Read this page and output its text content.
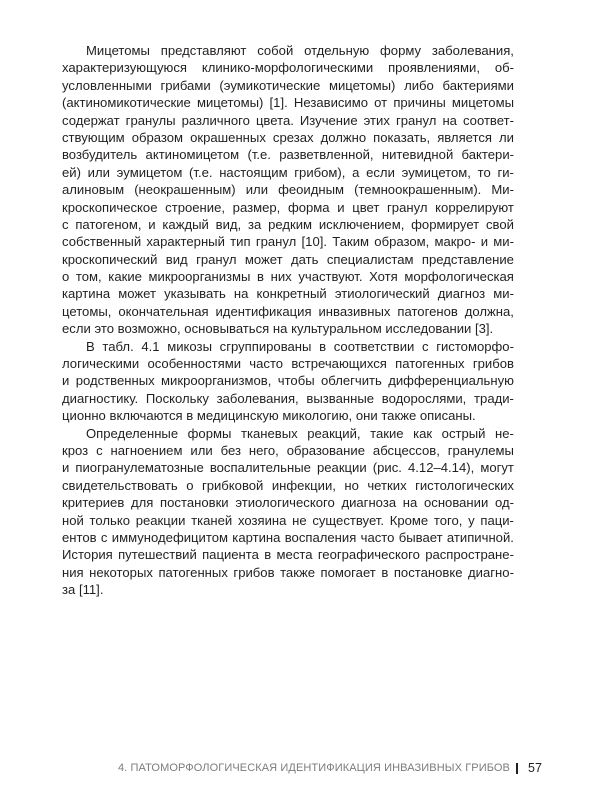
Мицетомы представляют собой отдельную форму заболевания,
характеризующуюся клинико-морфологическими проявлениями, об-
условленными грибами (эумикотические мицетомы) либо бактериями
(актиномикотические мицетомы) [1]. Независимо от причины мицетомы
содержат гранулы различного цвета. Изучение этих гранул на соответ-
ствующим образом окрашенных срезах должно показать, является ли
возбудитель актиномицетом (т.е. разветвленной, нитевидной бактери-
ей) или эумицетом (т.е. настоящим грибом), а если эумицетом, то ги-
алиновым (неокрашенным) или феоидным (темноокрашенным). Ми-
кроскопическое строение, размер, форма и цвет гранул коррелируют
с патогеном, и каждый вид, за редким исключением, формирует свой
собственный характерный тип гранул [10]. Таким образом, макро- и ми-
кроскопический вид гранул может дать специалистам представление
о том, какие микроорганизмы в них участвуют. Хотя морфологическая
картина может указывать на конкретный этиологический диагноз ми-
цетомы, окончательная идентификация инвазивных патогенов должна,
если это возможно, основываться на культуральном исследовании [3].
В табл. 4.1 микозы сгруппированы в соответствии с гистоморфо-
логическими особенностями часто встречающихся патогенных грибов
и родственных микроорганизмов, чтобы облегчить дифференциальную
диагностику. Поскольку заболевания, вызванные водорослями, тради-
ционно включаются в медицинскую микологию, они также описаны.
Определенные формы тканевых реакций, такие как острый не-
кроз с нагноением или без него, образование абсцессов, гранулемы
и пиогранулематозные воспалительные реакции (рис. 4.12–4.14), могут
свидетельствовать о грибковой инфекции, но четких гистологических
критериев для постановки этиологического диагноза на основании од-
ной только реакции тканей хозяина не существует. Кроме того, у паци-
ентов с иммунодефицитом картина воспаления часто бывает атипичной.
История путешествий пациента в места географического распростране-
ния некоторых патогенных грибов также помогает в постановке диагно-
за [11].
4. ПАТОМОРФОЛОГИЧЕСКАЯ ИДЕНТИФИКАЦИЯ ИНВАЗИВНЫХ ГРИБОВ 57
